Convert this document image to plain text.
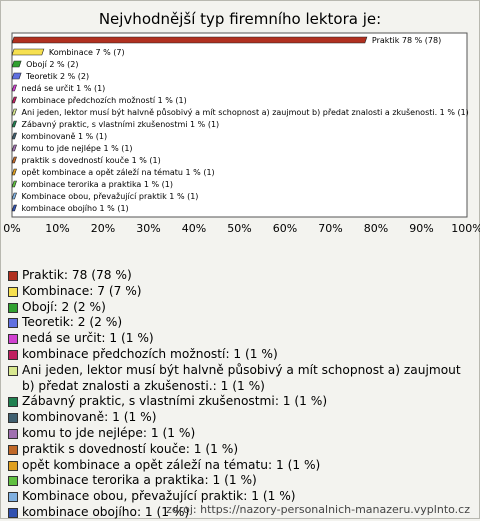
Nejvhodnější typ firemního lektora je:
Praktik 78 % (78)
Kombinace 7 % (7)
Obojí 2 % (2)
Teoretik 2 % (2)
nedá se určit 1 % (1)
kombinace předchozích možností 1 % (1)
Ani jeden, lektor musí být halvně působivý a mít schopnost a) zaujmout b) předat znalosti a zkušenosti. 1 % (1)
Zábavný praktic, s vlastními zkušenostmi 1 % (1)
kombinovaně 1 % (1)
komu to jde nejlépe 1 % (1)
praktik s dovedností kouče 1 % (1)
opět kombinace a opět záleží na tématu 1 % (1)
kombinace terorika a praktika 1 % (1)
Kombinace obou, převažující praktik 1 % (1)
kombinace obojího 1 % (1)
0% 10% 20% 30% 40% 50% 60% 70% 80% 90% 100%
Praktik: 78 (78 %)
Kombinace: 7 (7 %)
Obojí: 2 (2 %)
Teoretik: 2 (2 %)
nedá se určit: 1 (1 %)
kombinace předchozích možností: 1 (1 %)
Ani jeden, lektor musí být halvně působivý a mít schopnost a) zaujmout b) předat znalosti a zkušenosti.: 1 (1 %)
Zábavný praktic, s vlastními zkušenostmi: 1 (1 %)
kombinovaně: 1 (1 %)
komu to jde nejlépe: 1 (1 %)
praktik s dovedností kouče: 1 (1 %)
opět kombinace a opět záleží na tématu: 1 (1 %)
kombinace terorika a praktika: 1 (1 %)
Kombinace obou, převažující praktik: 1 (1 %)
kombinace obojího: 1 (1 %)
zdroj: https://nazory-personalnich-manazeru.vyplnto.cz
